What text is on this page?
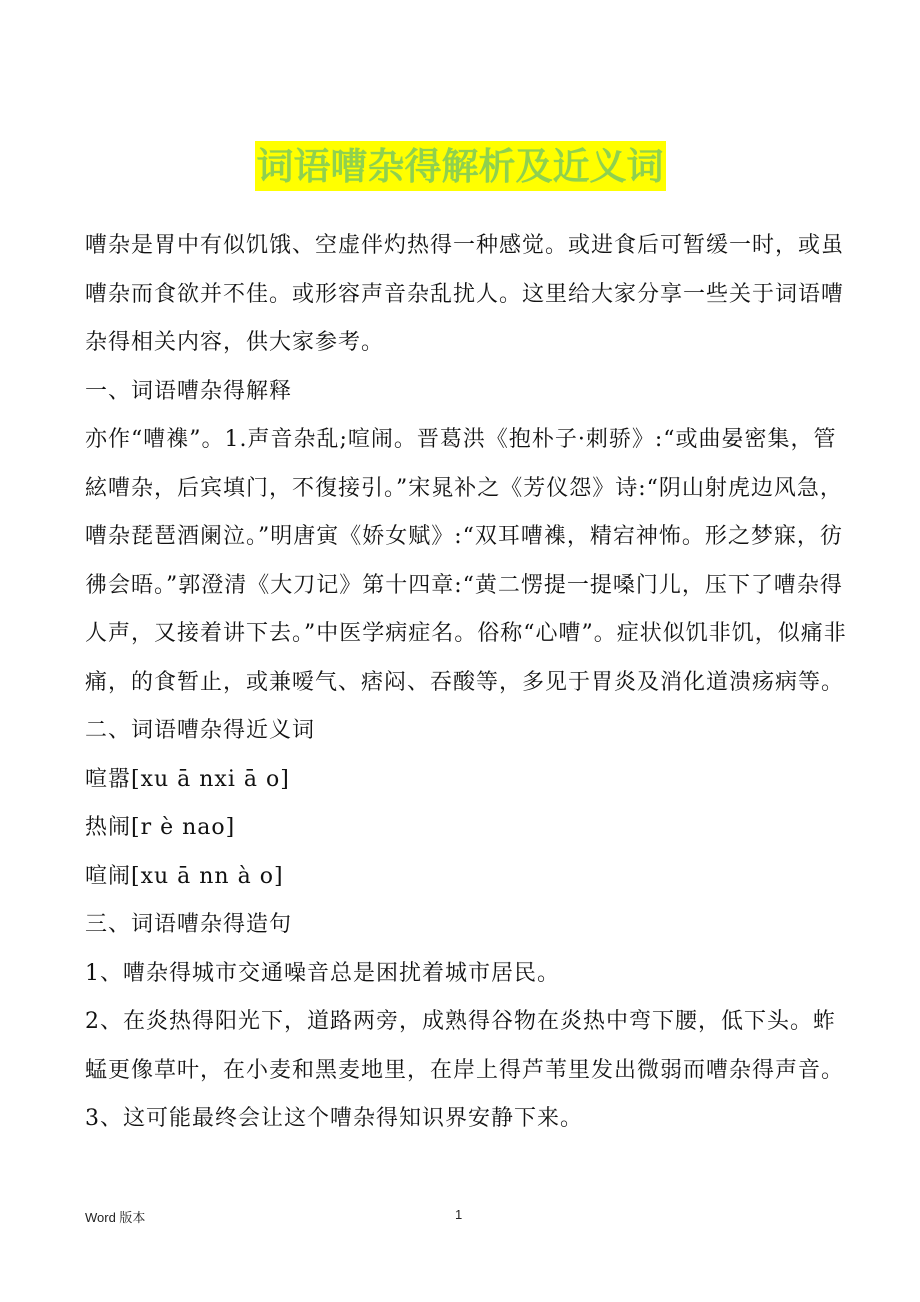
词语嘈杂得解析及近义词

嘈杂是胃中有似饥饿、空虚伴灼热得一种感觉。或进食后可暂缓一时，或虽嘈杂而食欲并不佳。或形容声音杂乱扰人。这里给大家分享一些关于词语嘈杂得相关内容，供大家参考。

一、词语嘈杂得解释

亦作“嘈襍”。1.声音杂乱;喧闹。晋葛洪《抱朴子·刺骄》:“或曲晏密集，管絃嘈杂，后宾填门，不復接引。”宋晁补之《芳仪怨》诗:“阴山射虎边风急，嘈杂琵琶酒阑泣。”明唐寅《娇女赋》:“双耳嘈襍，精宕神怖。形之梦寐，彷彿会晤。”郭澄清《大刀记》第十四章:“黄二愣提一提嗓门儿，压下了嘈杂得人声，又接着讲下去。”中医学病症名。俗称“心嘈”。症状似饥非饥，似痛非痛，的食暂止，或兼嗳气、痞闷、吞酸等，多见于胃炎及消化道溃疡病等。

二、词语嘈杂得近义词

喧嚣[xu ā nxi ā o]

热闹[r è nao]

喧闹[xu ā nn à o]

三、词语嘈杂得造句

1、嘈杂得城市交通噪音总是困扰着城市居民。

2、在炎热得阳光下，道路两旁，成熟得谷物在炎热中弯下腰，低下头。蚱蜢更像草叶，在小麦和黑麦地里，在岸上得芦苇里发出微弱而嘈杂得声音。

3、这可能最终会让这个嘈杂得知识界安静下来。

Word 版本	1
